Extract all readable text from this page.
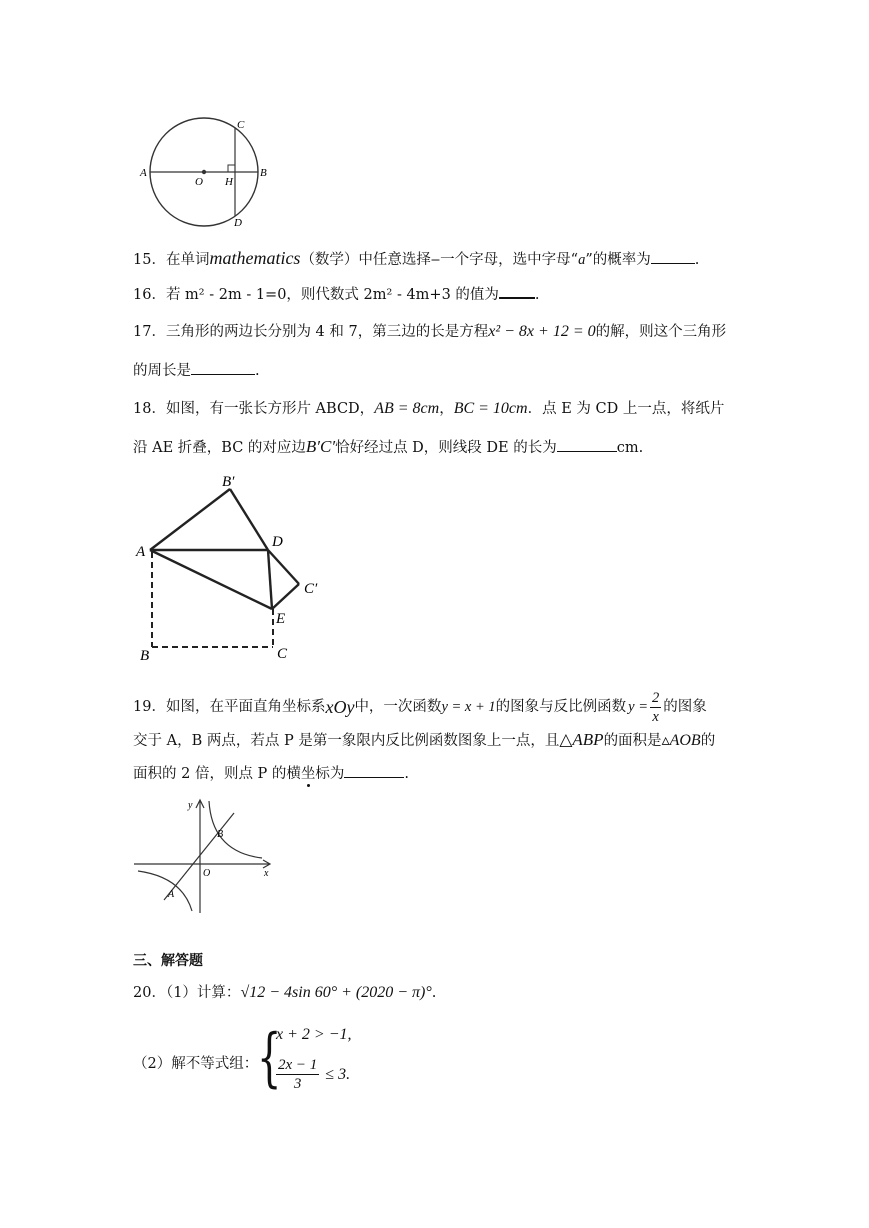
A
O H
B
C
D
15．在单词mathematics（数学）中任意选择‒一个字母，选中字母“a”的概率为	.
16．若 m² - 2m - 1=0，则代数式 2m² - 4m+3 的值为 .
17．三角形的两边长分别为 4 和 7，第三边的长是方程x² − 8x + 12 = 0的解，则这个三角形
的周长是	.
18．如图，有一张长方形片 ABCD，AB = 8cm，BC = 10cm．点 E 为 CD 上一点，将纸片
沿 AE 折叠，BC 的对应边B′C′恰好经过点 D，则线段 DE 的长为	cm.
A
B′
D
C′
E
B	C
19． 如图，在平面直角坐标系 xOy 中，一次函数 y = x + 1 的图象与反比例函数 $y = \frac{2}{x}$ 的图象
交于 A，B 两点，若点 P 是第一象限内反比例函数图象上一点，且△ABP的面积是▵AOB的
面积的 2 倍，则点 P 的横坐标为	.
y
x
O
A
B
三、解答题
20．（1）计算：√12 − 4sin 60° + (2020 − π)°.
（2）解不等式组：
{
x + 2 > −1,
$\frac{2x - 1}{3} \le 3$.
